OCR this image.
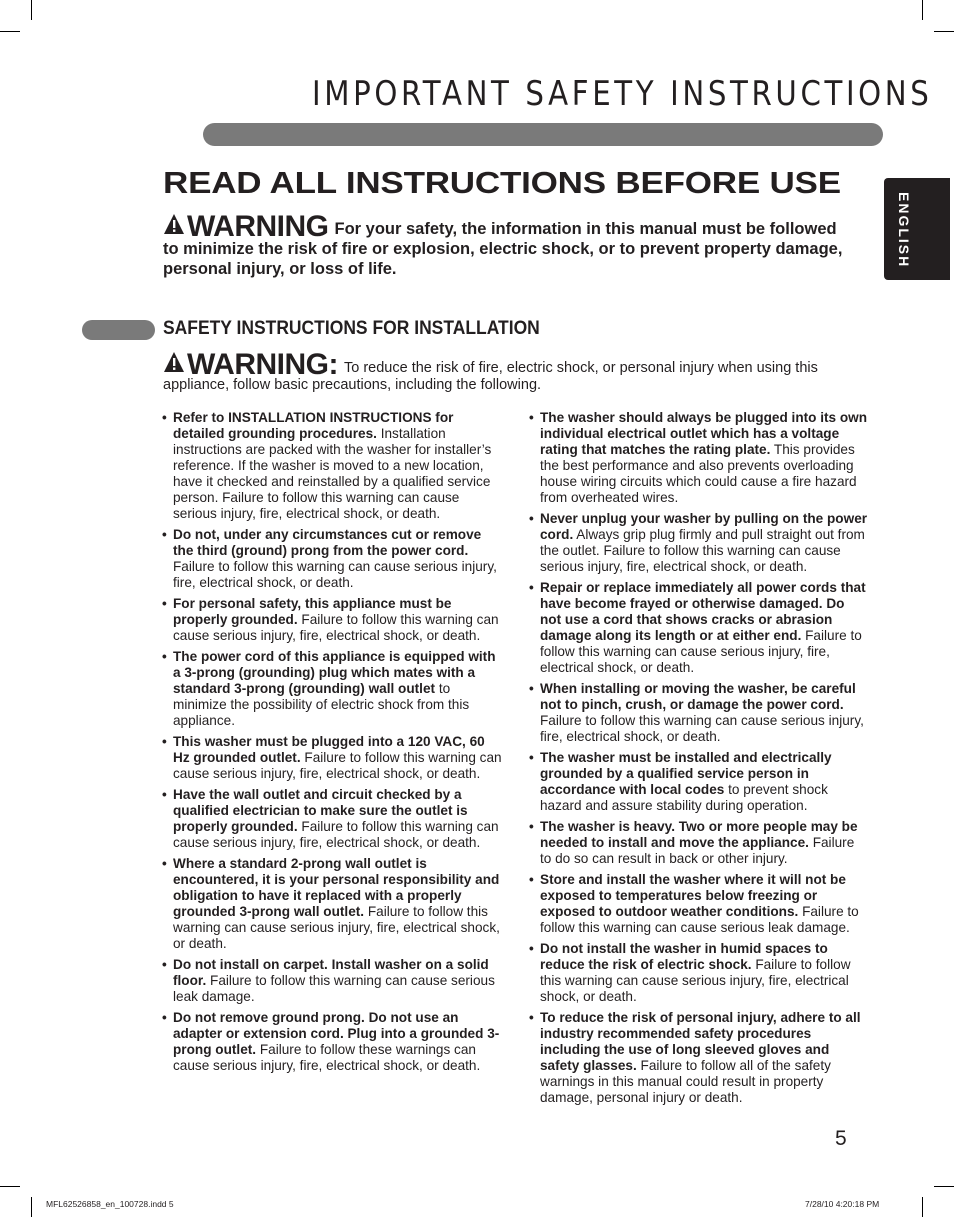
IMPORTANT SAFETY INSTRUCTIONS
ENGLISH
READ ALL INSTRUCTIONS BEFORE USE
WARNING For your safety, the information in this manual must be followed to minimize the risk of fire or explosion, electric shock, or to prevent property damage, personal injury, or loss of life.
SAFETY INSTRUCTIONS FOR INSTALLATION
WARNING: To reduce the risk of fire, electric shock, or personal injury when using this appliance, follow basic precautions, including the following.
• Refer to INSTALLATION INSTRUCTIONS for detailed grounding procedures. Installation instructions are packed with the washer for installer’s reference. If the washer is moved to a new location, have it checked and reinstalled by a qualified service person. Failure to follow this warning can cause serious injury, fire, electrical shock, or death.
• Do not, under any circumstances cut or remove the third (ground) prong from the power cord. Failure to follow this warning can cause serious injury, fire, electrical shock, or death.
• For personal safety, this appliance must be properly grounded. Failure to follow this warning can cause serious injury, fire, electrical shock, or death.
• The power cord of this appliance is equipped with a 3-prong (grounding) plug which mates with a standard 3-prong (grounding) wall outlet to minimize the possibility of electric shock from this appliance.
• This washer must be plugged into a 120 VAC, 60 Hz grounded outlet. Failure to follow this warning can cause serious injury, fire, electrical shock, or death.
• Have the wall outlet and circuit checked by a qualified electrician to make sure the outlet is properly grounded. Failure to follow this warning can cause serious injury, fire, electrical shock, or death.
• Where a standard 2-prong wall outlet is encountered, it is your personal responsibility and obligation to have it replaced with a properly grounded 3-prong wall outlet. Failure to follow this warning can cause serious injury, fire, electrical shock, or death.
• Do not install on carpet. Install washer on a solid floor. Failure to follow this warning can cause serious leak damage.
• Do not remove ground prong. Do not use an adapter or extension cord. Plug into a grounded 3-prong outlet. Failure to follow these warnings can cause serious injury, fire, electrical shock, or death.
• The washer should always be plugged into its own individual electrical outlet which has a voltage rating that matches the rating plate. This provides the best performance and also prevents overloading house wiring circuits which could cause a fire hazard from overheated wires.
• Never unplug your washer by pulling on the power cord. Always grip plug firmly and pull straight out from the outlet. Failure to follow this warning can cause serious injury, fire, electrical shock, or death.
• Repair or replace immediately all power cords that have become frayed or otherwise damaged. Do not use a cord that shows cracks or abrasion damage along its length or at either end. Failure to follow this warning can cause serious injury, fire, electrical shock, or death.
• When installing or moving the washer, be careful not to pinch, crush, or damage the power cord. Failure to follow this warning can cause serious injury, fire, electrical shock, or death.
• The washer must be installed and electrically grounded by a qualified service person in accordance with local codes to prevent shock hazard and assure stability during operation.
• The washer is heavy. Two or more people may be needed to install and move the appliance. Failure to do so can result in back or other injury.
• Store and install the washer where it will not be exposed to temperatures below freezing or exposed to outdoor weather conditions. Failure to follow this warning can cause serious leak damage.
• Do not install the washer in humid spaces to reduce the risk of electric shock. Failure to follow this warning can cause serious injury, fire, electrical shock, or death.
• To reduce the risk of personal injury, adhere to all industry recommended safety procedures including the use of long sleeved gloves and safety glasses. Failure to follow all of the safety warnings in this manual could result in property damage, personal injury or death.
5
MFL62526858_en_100728.indd 5	7/28/10 4:20:18 PM
